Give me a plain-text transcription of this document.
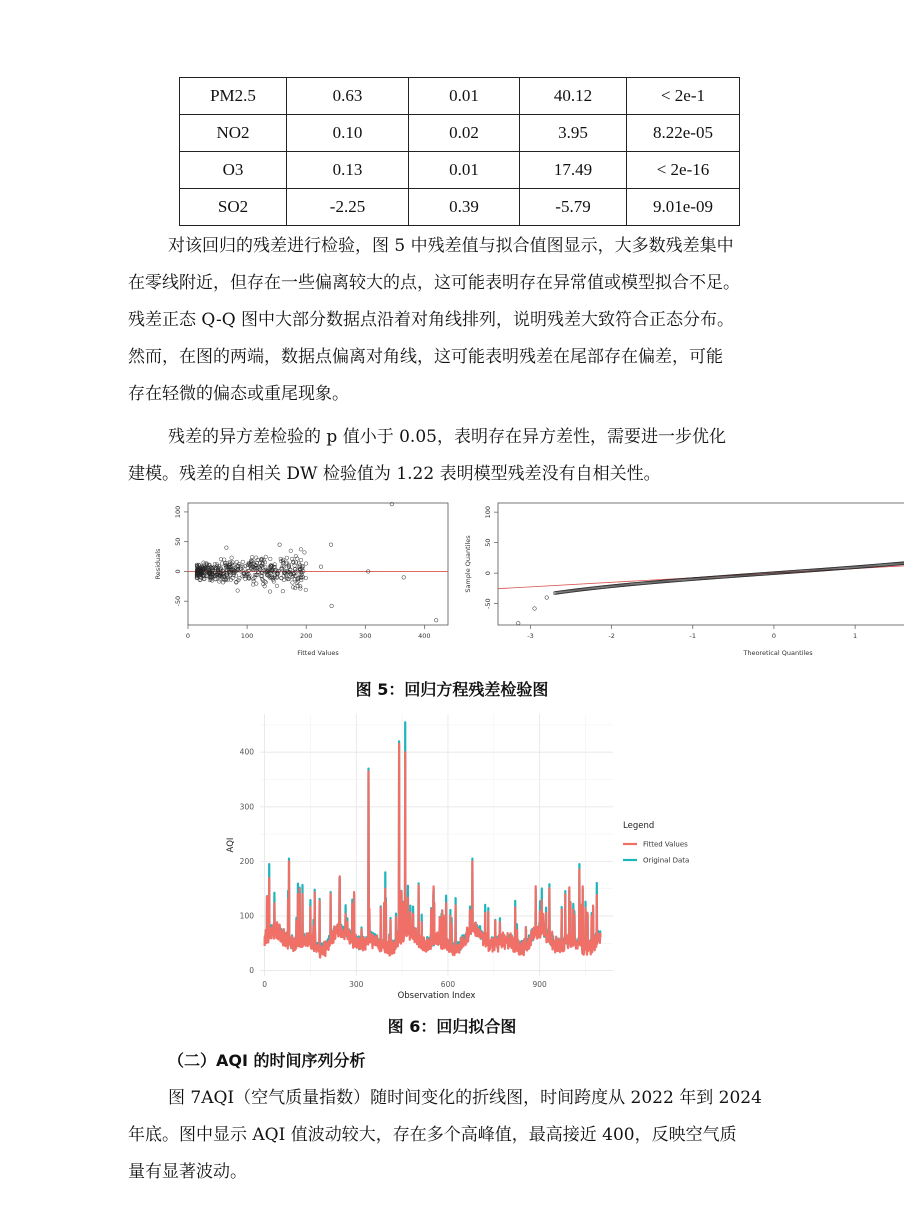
PM2.5	0.63	0.01	40.12	< 2e-1
NO2	0.10	0.02	3.95	8.22e-05
O3	0.13	0.01	17.49	< 2e-16
SO2	-2.25	0.39	-5.79	9.01e-09

对该回归的残差进行检验，图 5 中残差值与拟合值图显示，大多数残差集中
在零线附近，但存在一些偏离较大的点，这可能表明存在异常值或模型拟合不足。
残差正态 Q-Q 图中大部分数据点沿着对角线排列，说明残差大致符合正态分布。
然而，在图的两端，数据点偏离对角线，这可能表明残差在尾部存在偏差，可能
存在轻微的偏态或重尾现象。

残差的异方差检验的 p 值小于 0.05，表明存在异方差性，需要进一步优化
建模。残差的自相关 DW 检验值为 1.22 表明模型残差没有自相关性。

0	100	200	300	400
-50
0
50
100
Fitted Values
Residuals
-3	-2	-1	0	1
-50
0
50
100
Theoretical Quantiles
Sample Quantiles
图 5：回归方程残差检验图
0
100
200
300
400
0	300	600	900
Observation Index
AQI
Legend
Fitted Values
Original Data
图 6：回归拟合图
（二）AQI 的时间序列分析

图 7AQI（空气质量指数）随时间变化的折线图，时间跨度从 2022 年到 2024
年底。图中显示 AQI 值波动较大，存在多个高峰值，最高接近 400，反映空气质
量有显著波动。
